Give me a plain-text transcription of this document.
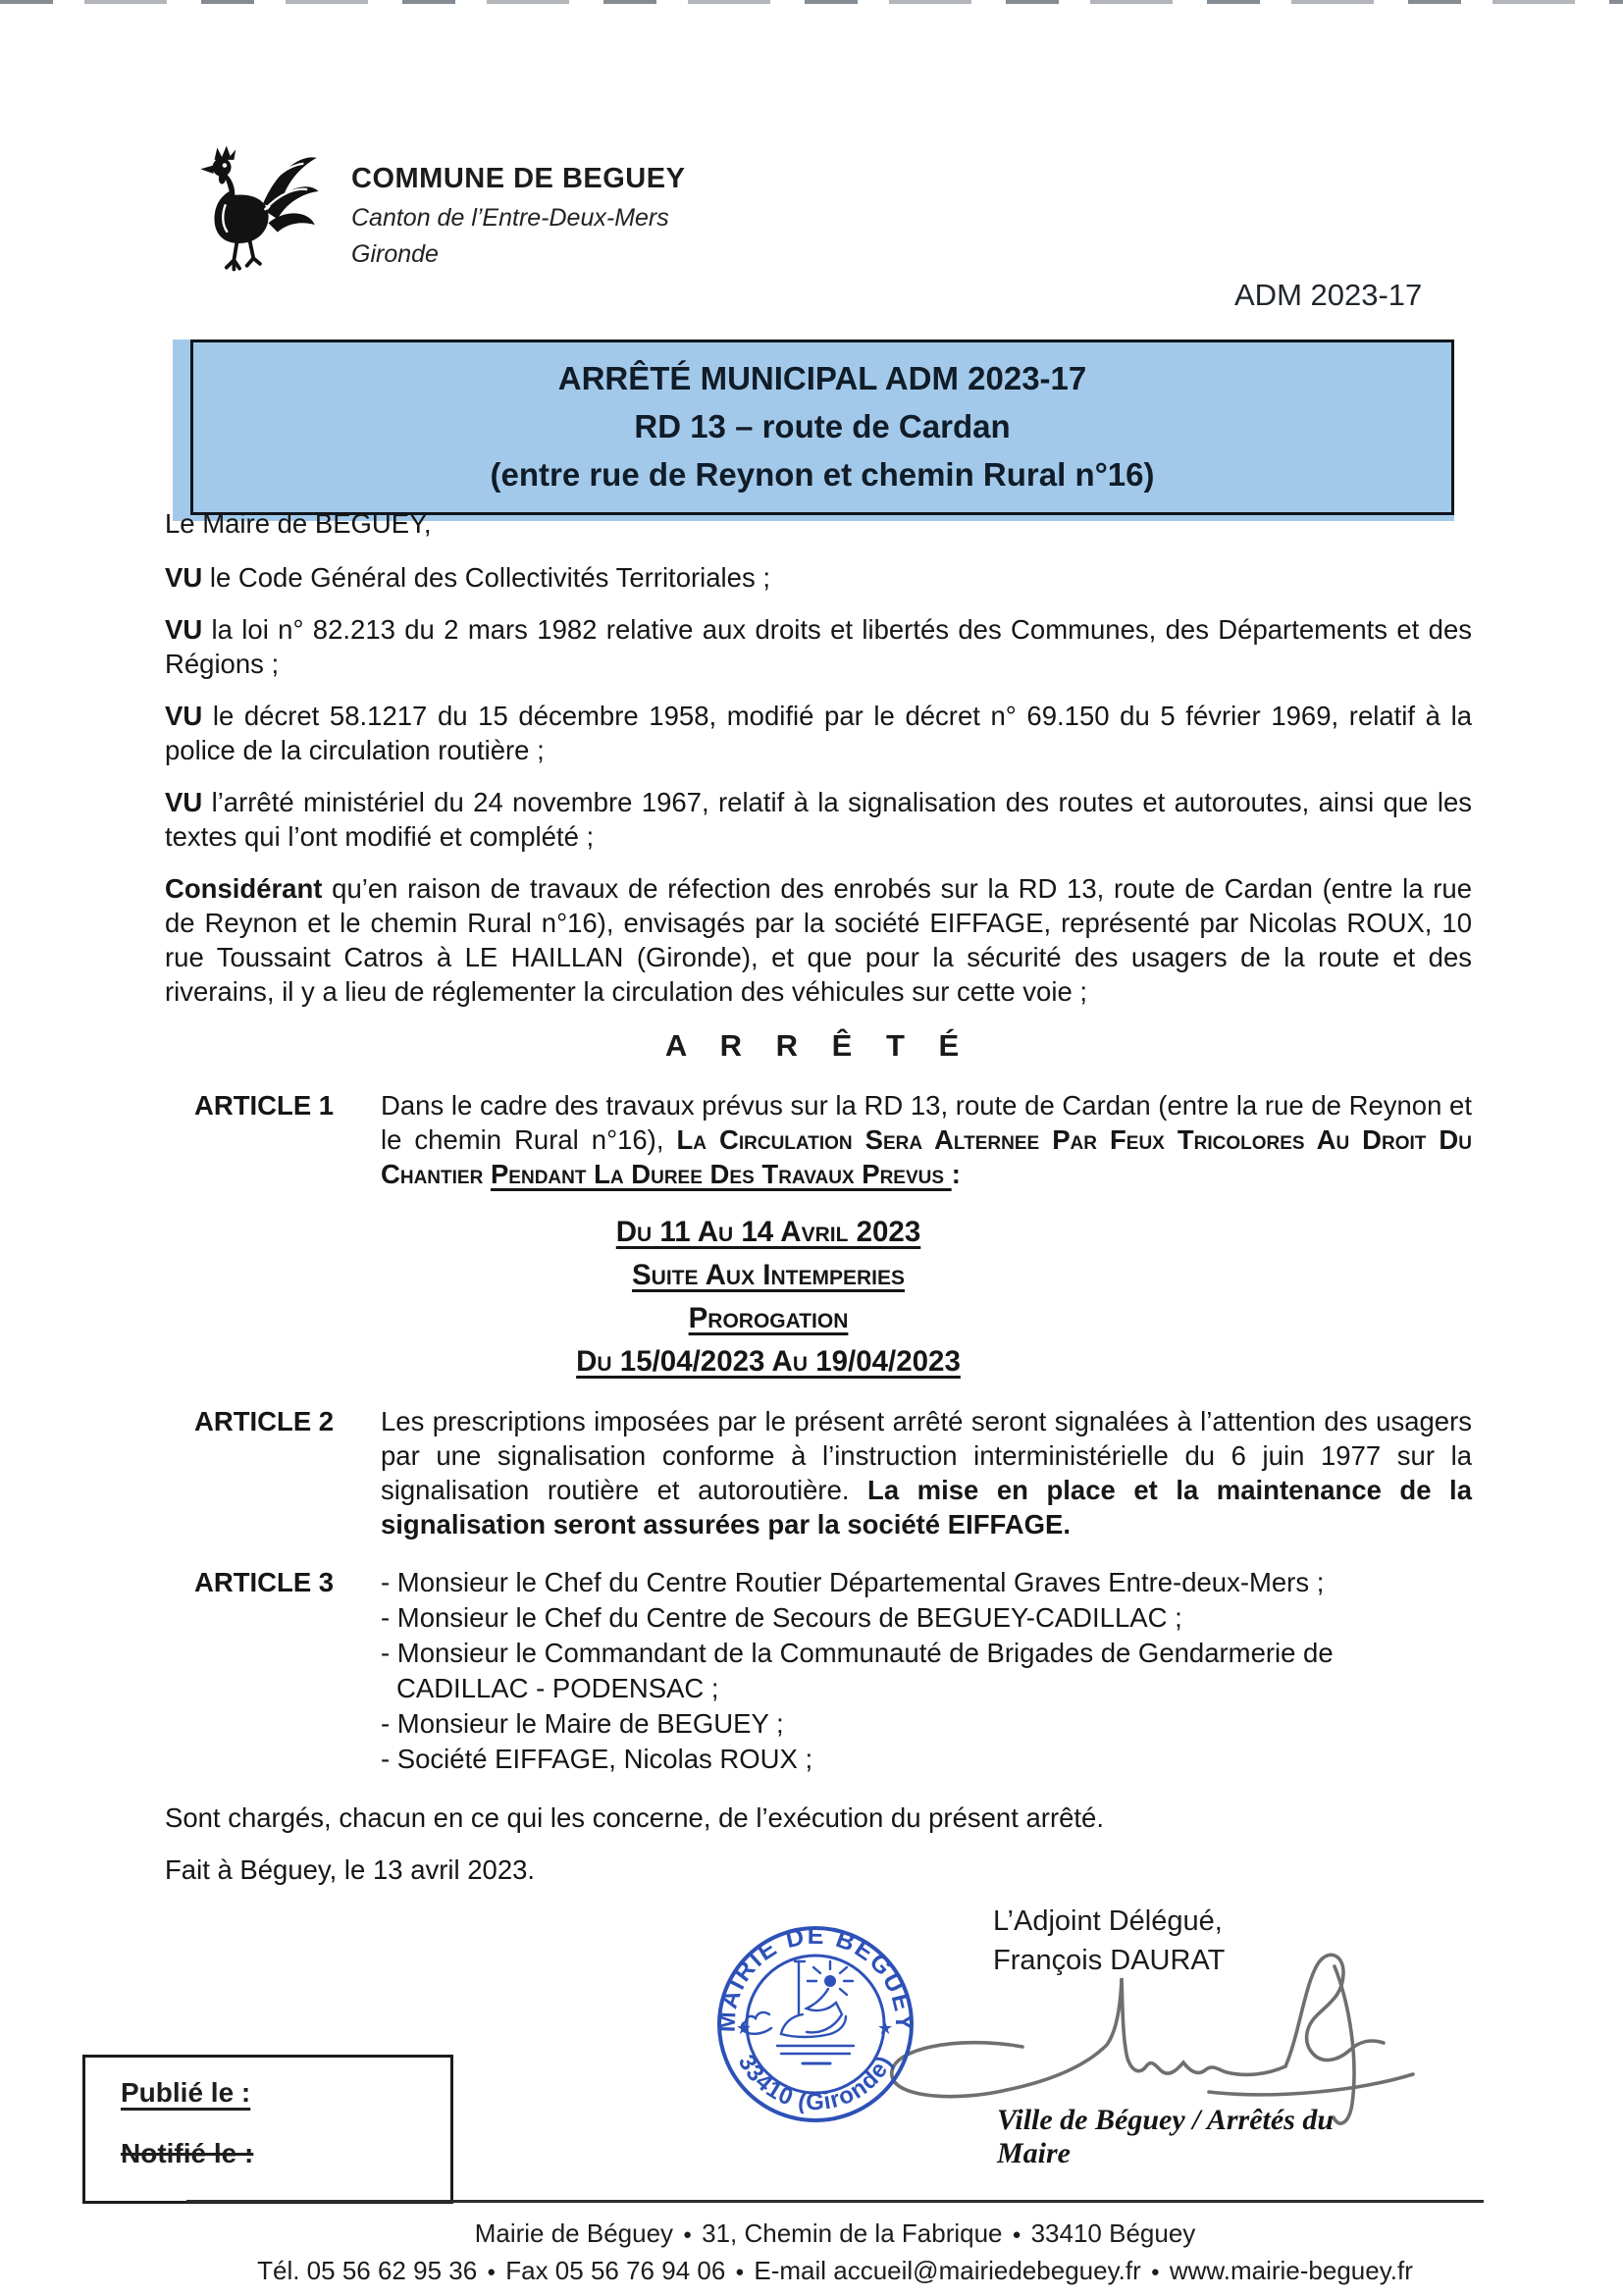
COMMUNE DE BEGUEY
Canton de l’Entre-Deux-Mers
Gironde
ADM 2023-17
ARRÊTÉ MUNICIPAL ADM 2023-17
RD 13 – route de Cardan
(entre rue de Reynon et chemin Rural n°16)

Le Maire de BEGUEY,

VU le Code Général des Collectivités Territoriales ;

VU la loi n° 82.213 du 2 mars 1982 relative aux droits et libertés des Communes, des Départements et des Régions ;

VU le décret 58.1217 du 15 décembre 1958, modifié par le décret n° 69.150 du 5 février 1969, relatif à la police de la circulation routière ;

VU l’arrêté ministériel du 24 novembre 1967, relatif à la signalisation des routes et autoroutes, ainsi que les textes qui l’ont modifié et complété ;

Considérant qu’en raison de travaux de réfection des enrobés sur la RD 13, route de Cardan (entre la rue de Reynon et le chemin Rural n°16), envisagés par la société EIFFAGE, représenté par Nicolas ROUX, 10 rue Toussaint Catros à LE HAILLAN (Gironde), et que pour la sécurité des usagers de la route et des riverains, il y a lieu de réglementer la circulation des véhicules sur cette voie ;

A R R Ê T É
ARTICLE 1	Dans le cadre des travaux prévus sur la RD 13, route de Cardan (entre la rue de Reynon et le chemin Rural n°16), La Circulation Sera Alternee Par Feux Tricolores Au Droit Du Chantier Pendant La Duree Des Travaux Prevus :
Du 11 Au 14 Avril 2023
Suite Aux Intemperies
Prorogation
Du 15/04/2023 Au 19/04/2023
ARTICLE 2	Les prescriptions imposées par le présent arrêté seront signalées à l’attention des usagers par une signalisation conforme à l’instruction interministérielle du 6 juin 1977 sur la signalisation routière et autoroutière. La mise en place et la maintenance de la signalisation seront assurées par la société EIFFAGE.
ARTICLE 3	- Monsieur le Chef du Centre Routier Départemental Graves Entre-deux-Mers ;
- Monsieur le Chef du Centre de Secours de BEGUEY-CADILLAC ;
- Monsieur le Commandant de la Communauté de Brigades de Gendarmerie de
CADILLAC - PODENSAC ;
- Monsieur le Maire de BEGUEY ;
- Société EIFFAGE, Nicolas ROUX ;

Sont chargés, chacun en ce qui les concerne, de l’exécution du présent arrêté.

Fait à Béguey, le 13 avril 2023.

L’Adjoint Délégué,
François DAURAT
Ville de Béguey / Arrêtés du Maire
MAIRIE DE BEGUEY
33410 (Gironde)
★	★
Publié le :
Notifié le :
Mairie de Béguey ● 31, Chemin de la Fabrique ● 33410 Béguey
Tél. 05 56 62 95 36 ● Fax 05 56 76 94 06 ● E-mail accueil@mairiedebeguey.fr ● www.mairie-beguey.fr
